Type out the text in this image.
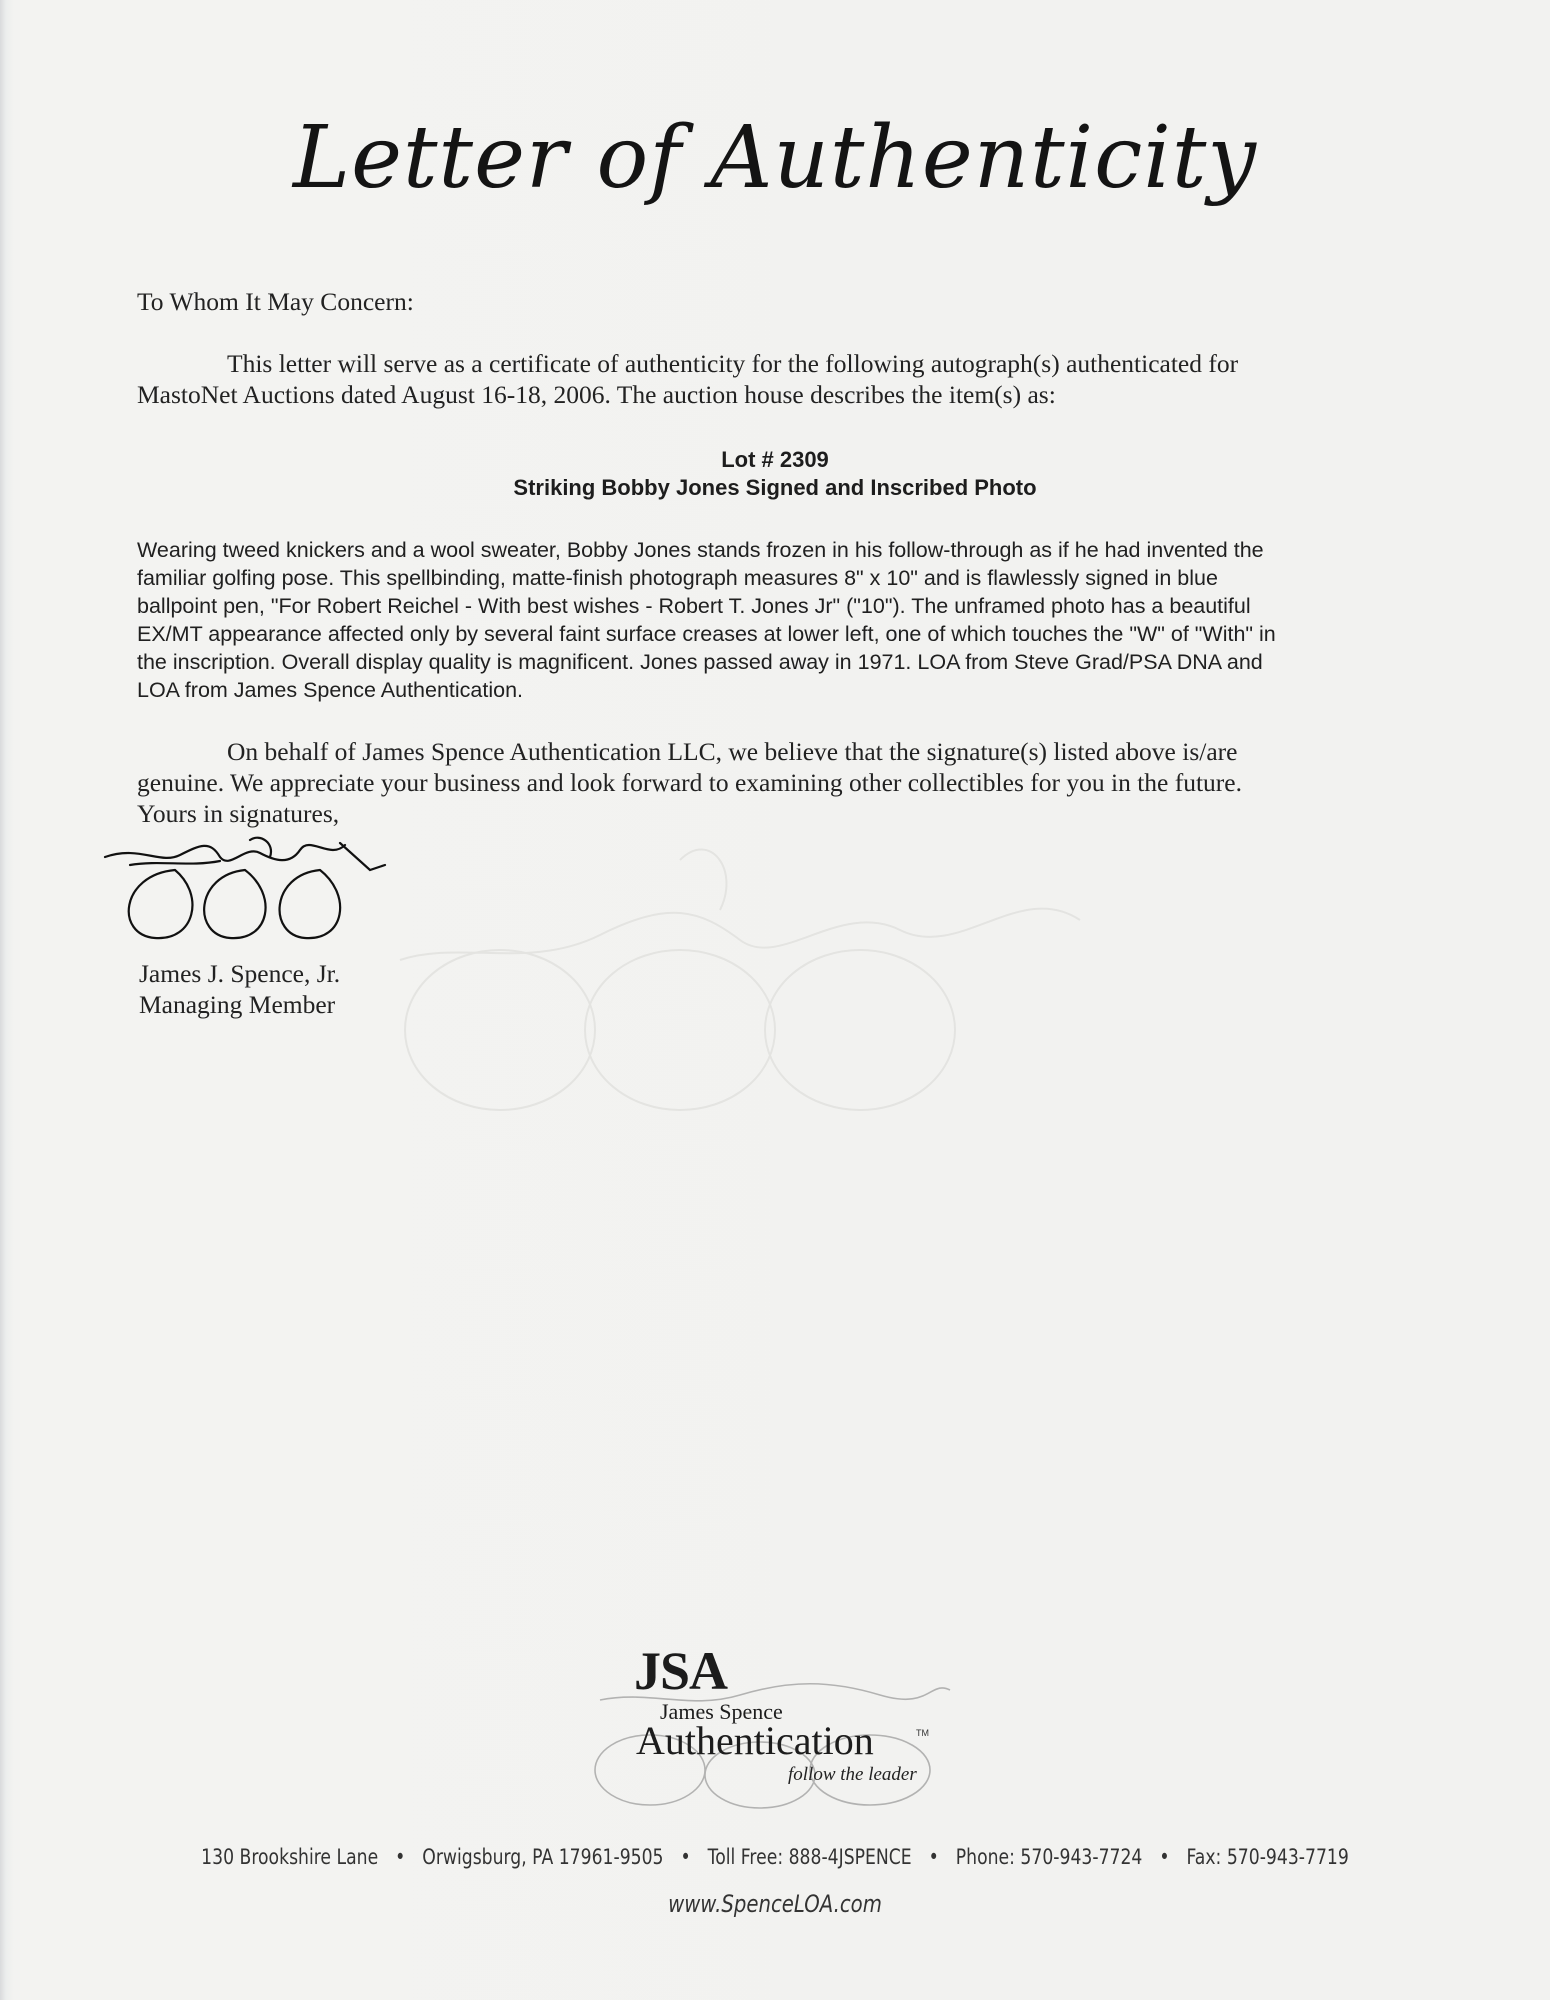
Letter of Authenticity
To Whom It May Concern:
This letter will serve as a certificate of authenticity for the following autograph(s) authenticated for
MastoNet Auctions dated August 16-18, 2006. The auction house describes the item(s) as:
Lot # 2309
Striking Bobby Jones Signed and Inscribed Photo
Wearing tweed knickers and a wool sweater, Bobby Jones stands frozen in his follow-through as if he had invented the
familiar golfing pose. This spellbinding, matte-finish photograph measures 8" x 10" and is flawlessly signed in blue
ballpoint pen, "For Robert Reichel - With best wishes - Robert T. Jones Jr" ("10"). The unframed photo has a beautiful
EX/MT appearance affected only by several faint surface creases at lower left, one of which touches the "W" of "With" in
the inscription. Overall display quality is magnificent. Jones passed away in 1971. LOA from Steve Grad/PSA DNA and
LOA from James Spence Authentication.
On behalf of James Spence Authentication LLC, we believe that the signature(s) listed above is/are
genuine. We appreciate your business and look forward to examining other collectibles for you in the future.
Yours in signatures,
James J. Spence, Jr.
Managing Member
JSA
James Spence
Authentication	TM
follow the leader
130 Brookshire Lane • Orwigsburg, PA 17961-9505 • Toll Free: 888-4JSPENCE • Phone: 570-943-7724 • Fax: 570-943-7719
www.SpenceLOA.com
